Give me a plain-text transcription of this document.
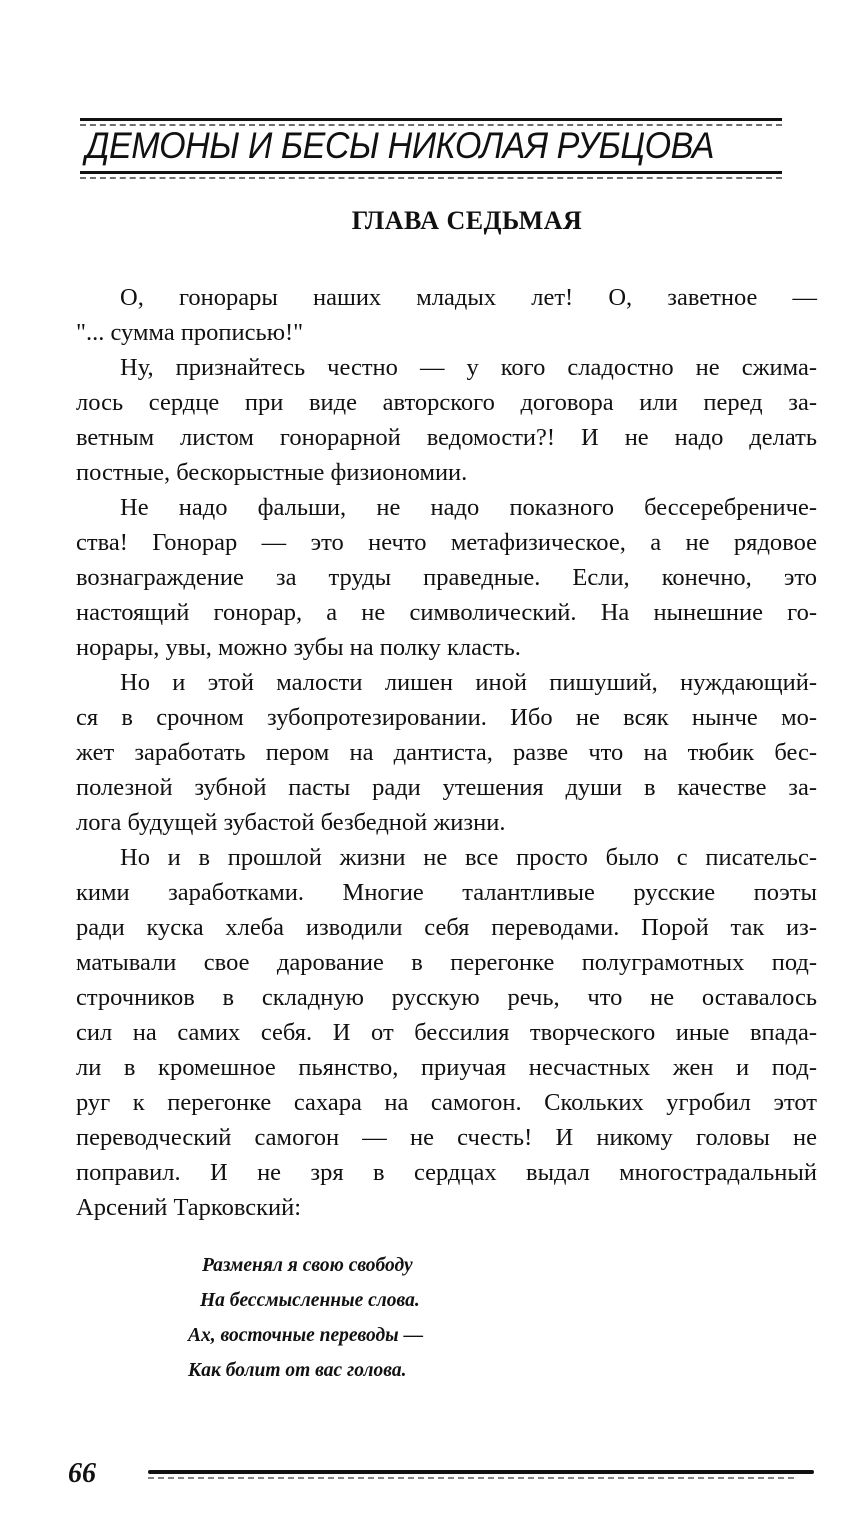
ДЕМОНЫ И БЕСЫ НИКОЛАЯ РУБЦОВА
ГЛАВА СЕДЬМАЯ
О, гонорары наших младых лет! О, заветное —
"... сумма прописью!"
Ну, признайтесь честно — у кого сладостно не сжима-
лось сердце при виде авторского договора или перед за-
ветным листом гонорарной ведомости?! И не надо делать
постные, бескорыстные физиономии.
Не надо фальши, не надо показного бессеребрениче-
ства! Гонорар — это нечто метафизическое, а не рядовое
вознаграждение за труды праведные. Если, конечно, это
настоящий гонорар, а не символический. На нынешние го-
норары, увы, можно зубы на полку класть.
Но и этой малости лишен иной пишуший, нуждающий-
ся в срочном зубопротезировании. Ибо не всяк нынче мо-
жет заработать пером на дантиста, разве что на тюбик бес-
полезной зубной пасты ради утешения души в качестве за-
лога будущей зубастой безбедной жизни.
Но и в прошлой жизни не все просто было с писательс-
кими заработками. Многие талантливые русские поэты
ради куска хлеба изводили себя переводами. Порой так из-
матывали свое дарование в перегонке полуграмотных под-
строчников в складную русскую речь, что не оставалось
сил на самих себя. И от бессилия творческого иные впада-
ли в кромешное пьянство, приучая несчастных жен и под-
руг к перегонке сахара на самогон. Скольких угробил этот
переводческий самогон — не счесть! И никому головы не
поправил. И не зря в сердцах выдал многострадальный
Арсений Тарковский:
Разменял я свою свободу
На бессмысленные слова.
Ах, восточные переводы —
Как болит от вас голова.
66
